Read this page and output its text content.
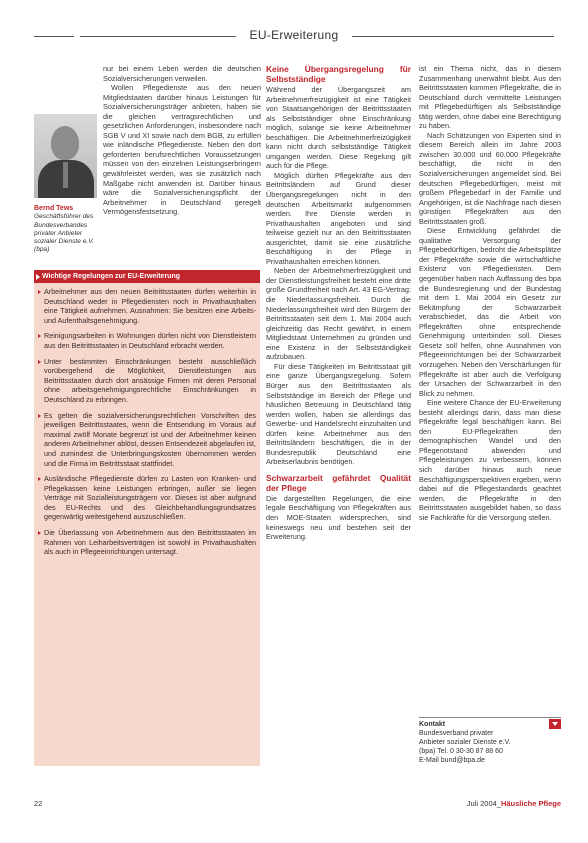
EU-Erweiterung
Bernd Tews
Geschäftsführer des Bundesverbandes privater Anbieter sozialer Dienste e.V. (bpa)

nur bei einem Leben werden die deutschen Sozialversicherungen verweilen.

Wollen Pflegedienste aus den neuen Mitgliedstaaten darüber hinaus Leistungen für Sozialversicherungsträger anbieten, haben sie die gleichen vertragsrechtlichen und gesetzlichen Anforderungen, insbesondere nach SGB V und XI sowie nach dem BGB, zu erfüllen wie inländische Pflegedienste. Neben den dort geforderten berufsrechtlichen Voraussetzungen müssen von den einzelnen Leistungserbringern gewährleistet werden, was sie zusätzlich nach Maßgabe nicht anwenden ist. Darüber hinaus wäre die Sozialversicherungspflicht der Arbeitnehmer in Deutschland geregelt Vermögensfestsetzung.

Wichtige Regelungen zur EU-Erweiterung
Arbeitnehmer aus den neuen Beitrittsstaaten dürfen weiterhin in Deutschland weder in Pflegediensten noch in Privathaushalten eine Tätigkeit aufnehmen. Ausnahmen: Sie besitzen eine Arbeits- und Aufenthaltsgenehmigung.
Reinigungsarbeiten in Wohnungen dürfen nicht von Dienstleistern aus den Beitrittsstaaten in Deutschland erbracht werden.
Unter bestimmten Einschränkungen besteht ausschließlich vorübergehend die Möglichkeit, Dienstleistungen aus Beitrittsstaaten durch dort ansässige Firmen mit deren Personal ohne arbeitsgenehmigungsrechtliche Einschränkungen in Deutschland zu erbringen.
Es gelten die sozialversicherungsrechtlichen Vorschriften des jeweiligen Beitrittsstaates, wenn die Entsendung im Voraus auf maximal zwölf Monate begrenzt ist und der Arbeitnehmer keinen anderen Arbeitnehmer ablöst, dessen Entsendezeit abgelaufen ist, und zumindest die Unterbringungskosten übernommen werden und die Firma im Beitrittsstaat stattfindet.
Ausländische Pflegedienste dürfen zu Lasten von Kranken- und Pflegekassen keine Leistungen erbringen, außer sie liegen Verträge mit Sozialleistungsträgern vor. Dieses ist aber aufgrund des EU-Rechts und des Gleichbehandlungsgrundsatzes gegenwärtig weitestgehend auszuschließen.
Die Überlassung von Arbeitnehmern aus den Beitrittsstaaten im Rahmen von Leiharbeitsverträgen ist sowohl in Privathaushalten als auch in Pflegeeinrichtungen untersagt.
Keine Übergangsregelung für Selbstständige

Während der Übergangszeit am Arbeitnehmerfreizügigkeit ist eine Tätigkeit von Staatsangehörigen der Beitrittsstaaten als Selbstständiger ohne Einschränkung möglich, solange sie keine Arbeitnehmer beschäftigen. Die Arbeitnehmerfreizügigkeit kann nicht durch selbstständige Tätigkeit umgangen werden. Diese Regelung gilt auch für die Pflege.

Möglich dürften Pflegekräfte aus den Beitrittsländern auf Grund dieser Übergangsregelungen nicht in den deutschen Arbeitsmarkt aufgenommen werden. Ihre Dienste werden in Privathaushalten angeboten und sind teilweise gezielt nur an den Beitrittsstaaten ausgerichtet, damit sie eine zusätzliche Beschäftigung in der Pflege in Privathaushalten erreichen können.

Neben der Arbeitnehmerfreizügigkeit und der Dienstleistungsfreiheit besteht eine dritte große Grundfreiheit nach Art. 43 EG-Vertrag: die Niederlassungsfreiheit. Durch die Niederlassungsfreiheit wird den Bürgern der Beitrittsstaaten seit dem 1. Mai 2004 auch gleichzeitig das Recht gewährt, in einem Mitgliedstaat Unternehmen zu gründen und eine Existenz in der Selbstständigkeit aufzubauen.

Für diese Tätigkeiten im Beitrittsstaat gilt eine ganze Übergangsregelung. Sofern Bürger aus den Beitrittsstaaten als Selbstständige im Bereich der Pflege und häuslichen Betreuung in Deutschland tätig werden wollen, haben sie allerdings das Gewerbe- und Handelsrecht einzuhalten und dürfen keine Arbeitnehmer aus den Beitrittsländern beschäftigen, die in der Bundesrepublik Deutschland eine Arbeitserlaubnis benötigen.

Schwarzarbeit gefährdet Qualität der Pflege

Die dargestellten Regelungen, die eine legale Beschäftigung von Pflegekräften aus den MOE-Staaten widersprechen, sind keineswegs neu und bestehen seit der Erweiterung.

ist ein Thema nicht, das in diesem Zusammenhang unerwähnt bleibt. Aus den Beitrittsstaaten kommen Pflegekräfte, die in Deutschland durch vermittelte Leistungen mit Pflegebedürftigen als Selbstständige tätig werden, ohne dabei eine Berechtigung zu haben.

Nach Schätzungen von Experten sind in diesem Bereich allein im Jahre 2003 zwischen 30.000 und 60.000 Pflegekräfte beschäftigt, die nicht in den Sozialversicherungen angemeldet sind. Bei deutschen Pflegebedürftigen, meist mit großem Pflegebedarf in der Familie und Angehörigen, ist die Nachfrage nach diesen günstigen Pflegekräften aus den Beitrittsstaaten groß.

Diese Entwicklung gefährdet die qualitative Versorgung der Pflegebedürftigen, bedroht die Arbeitsplätze der Pflegekräfte sowie die wirtschaftliche Existenz von Pflegediensten. Dem gegenüber haben nach Auffassung des bpa die Bundesregierung und der Bundestag mit dem 1. Mai 2004 ein Gesetz zur Bekämpfung der Schwarzarbeit verabschiedet, das die Arbeit von Pflegekräften ohne entsprechende Genehmigung unterbinden soll. Dieses Gesetz soll helfen, ohne Ausnahmen von Pflegeeinrichtungen bei der Schwarzarbeit vorzugehen. Neben den Verschärfungen für Pflegekräfte ist aber auch die Verfolgung der Ursachen der Schwarzarbeit in den Blick zu nehmen.

Eine weitere Chance der EU-Erweiterung besteht allerdings darin, dass man diese Pflegekräfte legal beschäftigen kann. Bei den EU-Pflegekräften den demographischen Wandel und den Pflegenotstand abwenden und Pflegeleistungen zu verbessern, können sich darüber hinaus auch neue Beschäftigungsperspektiven ergeben, wenn dabei auf die Pflegestandards geachtet werden, die Pflegekräfte in den Beitrittsstaaten ausgebildet haben, so dass sie Fachkräfte für die Versorgung stellen.

Kontakt
Bundesverband privater
Anbieter sozialer Dienste e.V.
(bpa) Tel. 0 30-30 87 88 60
E-Mail bund@bpa.de
22	Juli 2004_Häusliche Pflege
